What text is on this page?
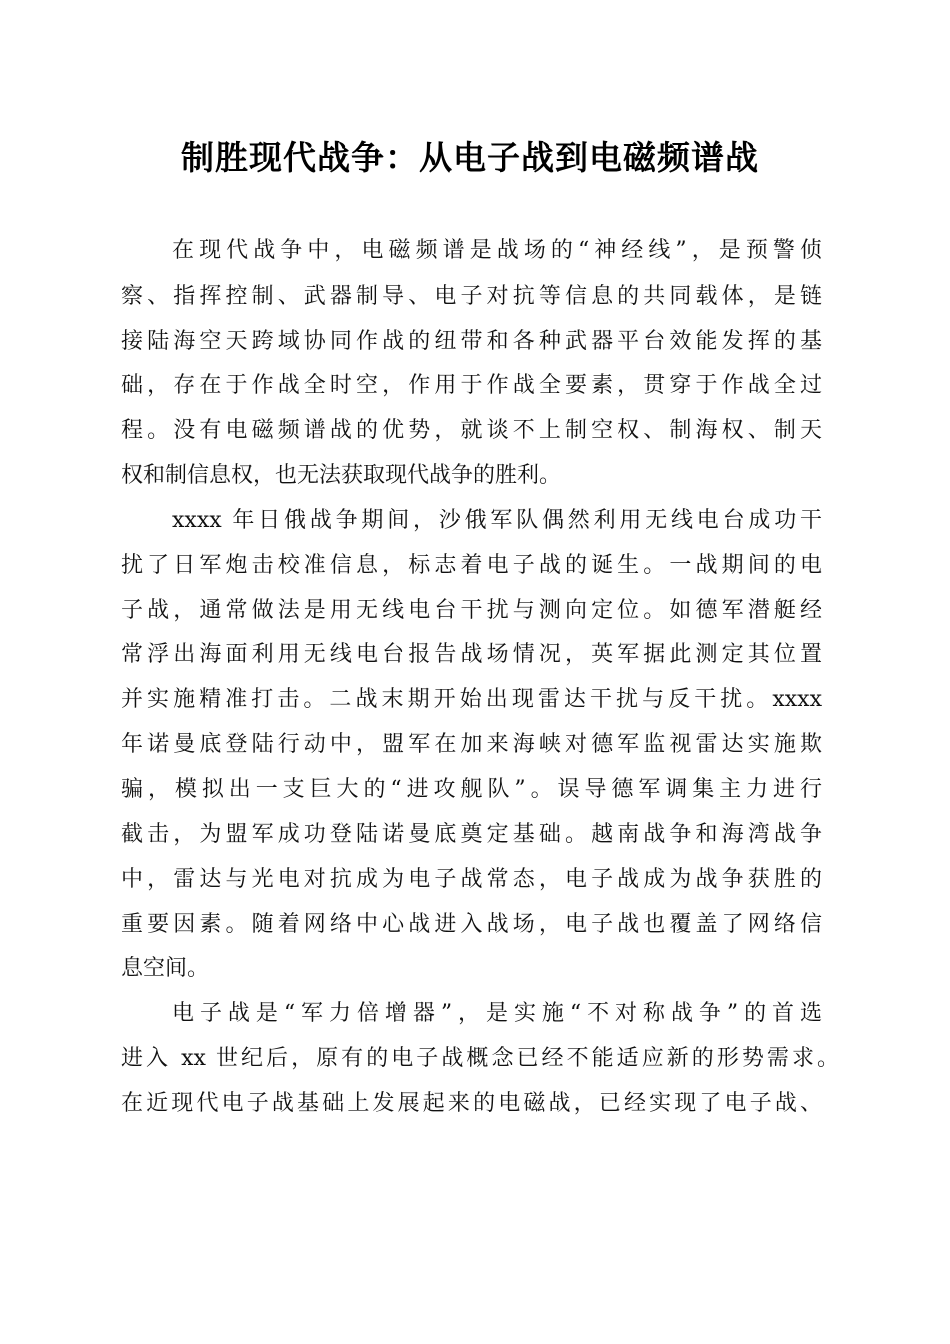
制胜现代战争：从电子战到电磁频谱战
在现代战争中，电磁频谱是战场的“神经线”，是预警侦
察、指挥控制、武器制导、电子对抗等信息的共同载体，是链
接陆海空天跨域协同作战的纽带和各种武器平台效能发挥的基
础，存在于作战全时空，作用于作战全要素，贯穿于作战全过
程。没有电磁频谱战的优势，就谈不上制空权、制海权、制天
权和制信息权，也无法获取现代战争的胜利。
xxxx 年日俄战争期间，沙俄军队偶然利用无线电台成功干
扰了日军炮击校准信息，标志着电子战的诞生。一战期间的电
子战，通常做法是用无线电台干扰与测向定位。如德军潜艇经
常浮出海面利用无线电台报告战场情况，英军据此测定其位置
并实施精准打击。二战末期开始出现雷达干扰与反干扰。xxxx
年诺曼底登陆行动中，盟军在加来海峡对德军监视雷达实施欺
骗，模拟出一支巨大的“进攻舰队”。误导德军调集主力进行
截击，为盟军成功登陆诺曼底奠定基础。越南战争和海湾战争
中，雷达与光电对抗成为电子战常态，电子战成为战争获胜的
重要因素。随着网络中心战进入战场，电子战也覆盖了网络信
息空间。
电子战是“军力倍增器”，是实施“不对称战争”的首选
进入 xx 世纪后，原有的电子战概念已经不能适应新的形势需求。
在近现代电子战基础上发展起来的电磁战，已经实现了电子战、
